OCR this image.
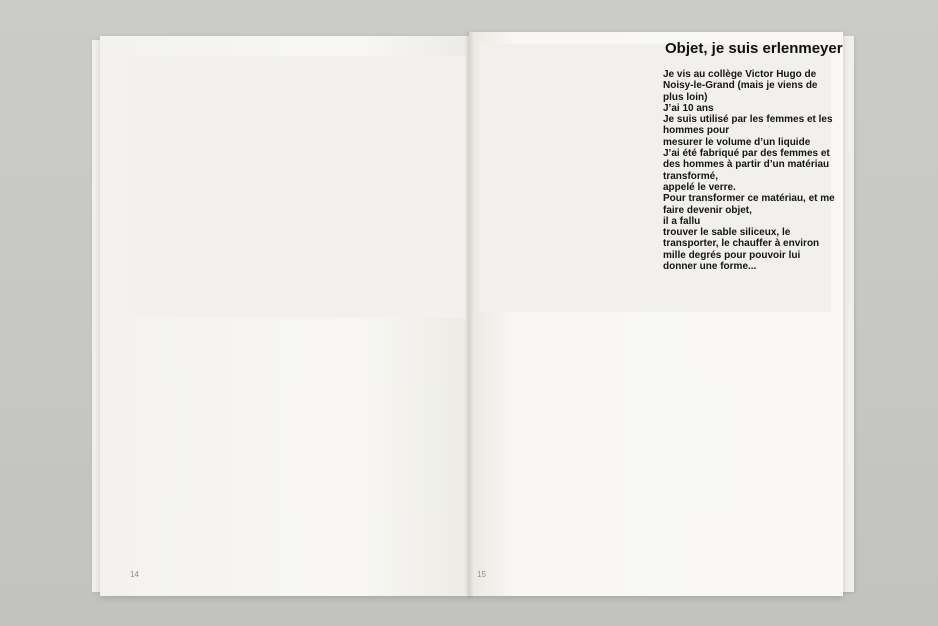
14
Objet, je suis erlenmeyer
Je vis au collège Victor Hugo de
Noisy-le-Grand (mais je viens de
plus loin)
J’ai 10 ans
Je suis utilisé par les femmes et les
hommes pour
mesurer le volume d’un liquide
J’ai été fabriqué par des femmes et
des hommes à partir d’un matériau
transformé,
appelé le verre.
Pour transformer ce matériau, et me
faire devenir objet,
il a fallu
trouver le sable siliceux, le
transporter, le chauffer à environ
mille degrés pour pouvoir lui
donner une forme...
15
